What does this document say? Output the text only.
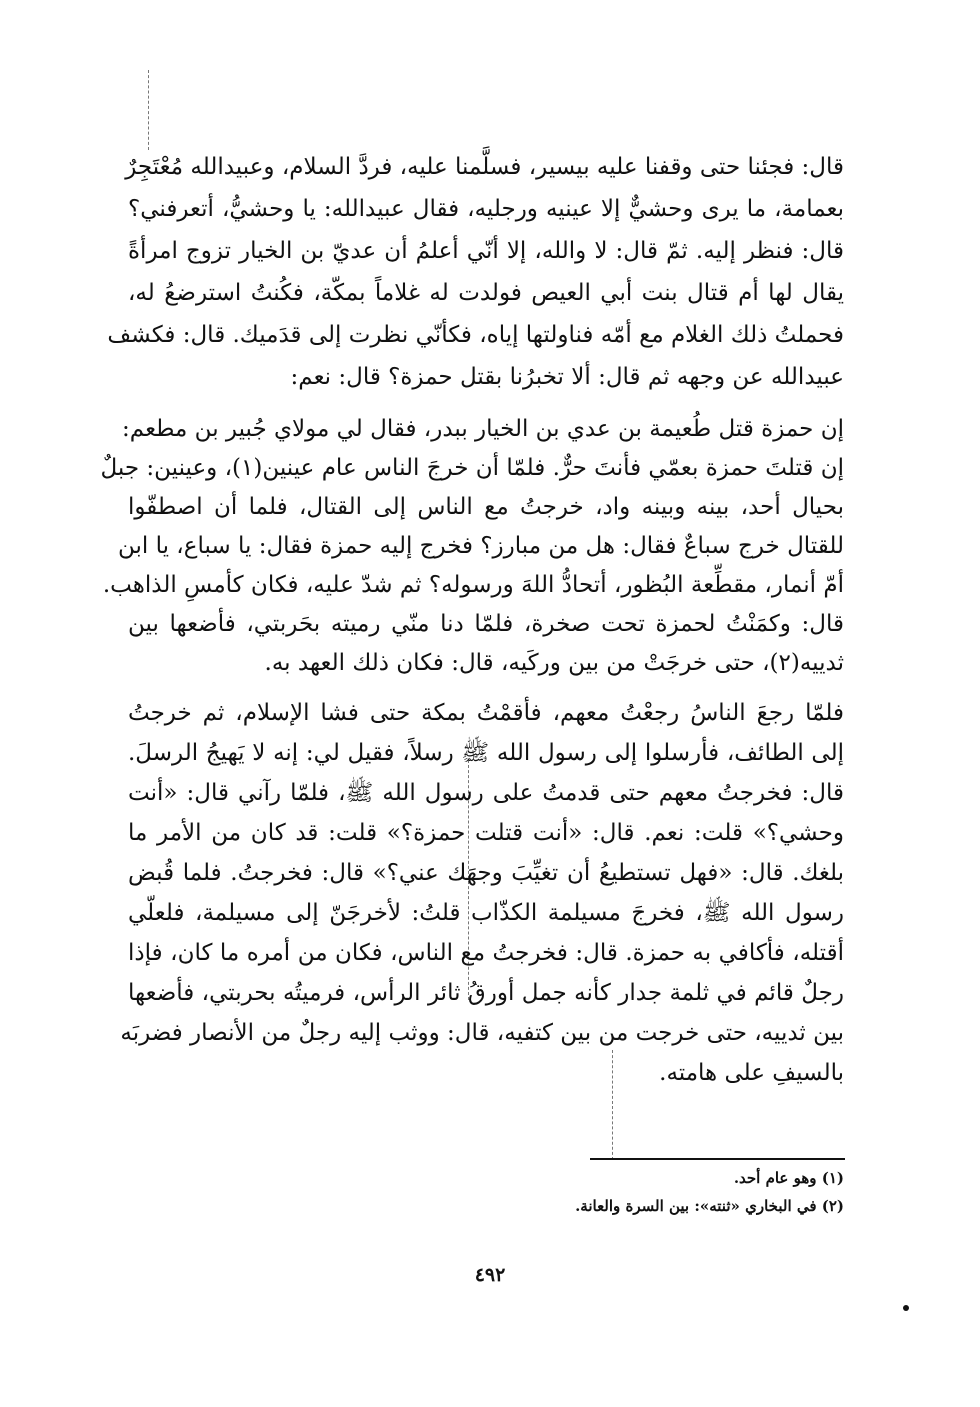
قال: فجئنا حتى وقفنا عليه بيسير، فسلَّمنا عليه، فردَّ السلام، وعبيدالله مُعْتَجِرٌ
بعمامة، ما يرى وحشيٌّ إلا عينيه ورجليه، فقال عبيدالله: يا وحشيُّ، أتعرفني؟
قال: فنظر إليه. ثمّ قال: لا والله، إلا أنّي أعلمُ أن عديّ بن الخيار تزوج امرأةً
يقال لها أم قتال بنت أبي العيص فولدت له غلاماً بمكّة، فكُنتُ استرضعُ له،
فحملتُ ذلك الغلام مع أمّه فناولتها إياه، فكأنّي نظرت إلى قدَميك. قال: فكشف
عبيدالله عن وجهه ثم قال: ألا تخبرُنا بقتل حمزة؟ قال: نعم:
إن حمزة قتل طُعيمة بن عدي بن الخيار ببدر، فقال لي مولاي جُبير بن مطعم:
إن قتلتَ حمزة بعمّي فأنتَ حرٌّ. فلمّا أن خرجَ الناس عام عينين(١)، وعينين: جبلٌ
بحيال أحد، بينه وبينه واد، خرجتُ مع الناس إلى القتال، فلما أن اصطفّوا
للقتال خرج سباعٌ فقال: هل من مبارز؟ فخرج إليه حمزة فقال: يا سباع، يا ابن
أمّ أنمار، مقطِّعة البُظور، أتحادُّ اللهَ ورسوله؟ ثم شدّ عليه، فكان كأمسِ الذاهب.
قال: وكمَنْتُ لحمزة تحت صخرة، فلمّا دنا منّي رميته بحَربتي، فأضعها بين
ثدييه(٢)، حتى خرجَتْ من بين وركَيه، قال: فكان ذلك العهد به.
فلمّا رجعَ الناسُ رجعْتُ معهم، فأقمْتُ بمكة حتى فشا الإسلام، ثم خرجتُ
إلى الطائف، فأرسلوا إلى رسول الله ﷺ رسلاً، فقيل لي: إنه لا يَهيجُ الرسلَ.
قال: فخرجتُ معهم حتى قدمتُ على رسول الله ﷺ، فلمّا رآني قال: «أنت
وحشي؟» قلت: نعم. قال: «أنت قتلت حمزة؟» قلت: قد كان من الأمر ما
بلغك. قال: «فهل تستطيعُ أن تغيِّبَ وجهَك عني؟» قال: فخرجتُ. فلما قُبض
رسول الله ﷺ، فخرجَ مسيلمة الكذّاب قلتُ: لأخرجَنّ إلى مسيلمة، فلعلّي
أقتله، فأكافي به حمزة. قال: فخرجتُ مع الناس، فكان من أمره ما كان، فإذا
رجلٌ قائم في ثلمة جدار كأنه جمل أورقُ ثائر الرأس، فرميتُه بحربتي، فأضعها
بين ثدييه، حتى خرجت من بين كتفيه، قال: ووثب إليه رجلٌ من الأنصار فضربَه
بالسيفِ على هامته.
(١) وهو عام أحد.
(٢) في البخاري «ثنته»: بين السرة والعانة.
٤٩٢
